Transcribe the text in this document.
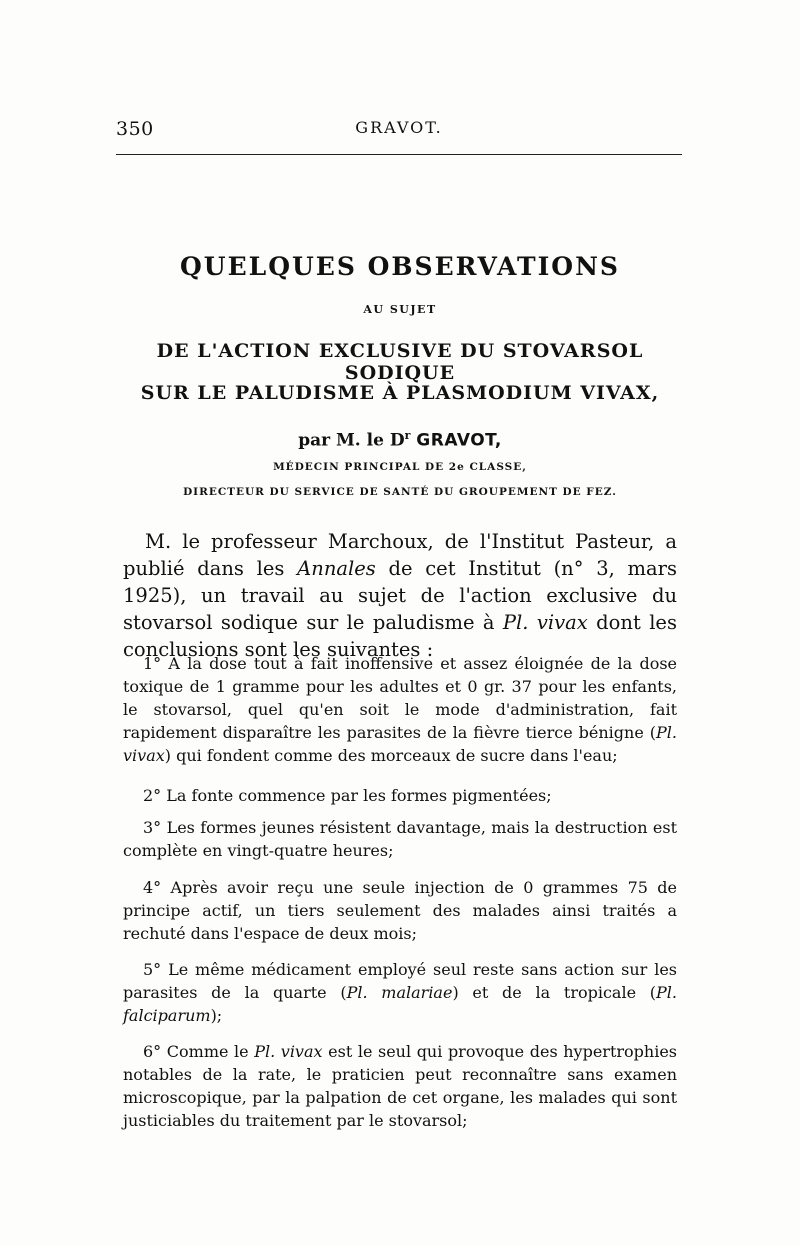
350	GRAVOT.
QUELQUES OBSERVATIONS
AU SUJET
DE L'ACTION EXCLUSIVE DU STOVARSOL SODIQUE
SUR LE PALUDISME À PLASMODIUM VIVAX,
par M. le $D^r$ GRAVOT,
MÉDECIN PRINCIPAL DE 2e CLASSE,
DIRECTEUR DU SERVICE DE SANTÉ DU GROUPEMENT DE FEZ.

M. le professeur Marchoux, de l'Institut Pasteur, a publié dans les Annales de cet Institut (n° 3, mars 1925), un travail au sujet de l'action exclusive du stovarsol sodique sur le paludisme à Pl. vivax dont les conclusions sont les suivantes :

1° A la dose tout à fait inoffensive et assez éloignée de la dose toxique de 1 gramme pour les adultes et 0 gr. 37 pour les enfants, le stovarsol, quel qu'en soit le mode d'administration, fait rapidement disparaître les parasites de la fièvre tierce bénigne (Pl. vivax) qui fondent comme des morceaux de sucre dans l'eau;

2° La fonte commence par les formes pigmentées;

3° Les formes jeunes résistent davantage, mais la destruction est complète en vingt-quatre heures;

4° Après avoir reçu une seule injection de 0 grammes 75 de principe actif, un tiers seulement des malades ainsi traités a rechuté dans l'espace de deux mois;

5° Le même médicament employé seul reste sans action sur les parasites de la quarte (Pl. malariae) et de la tropicale (Pl. falciparum);

6° Comme le Pl. vivax est le seul qui provoque des hypertrophies notables de la rate, le praticien peut reconnaître sans examen microscopique, par la palpation de cet organe, les malades qui sont justiciables du traitement par le stovarsol;
